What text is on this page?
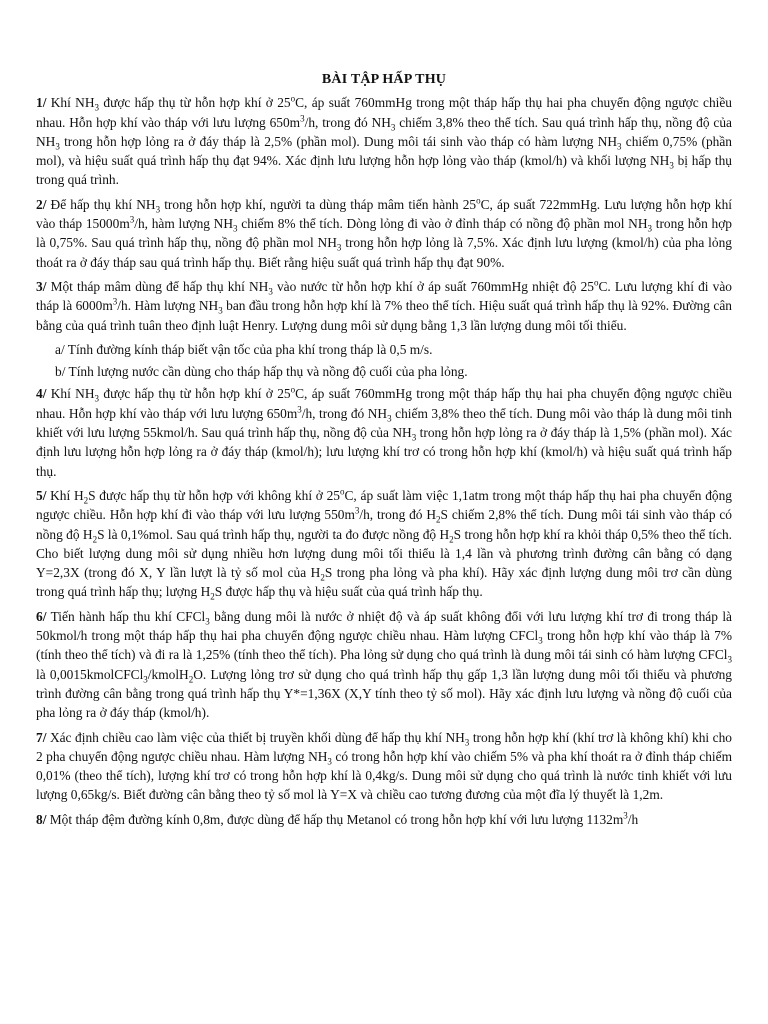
BÀI TẬP HẤP THỤ
1/ Khí $NH_3$ được hấp thụ từ hỗn hợp khí ở 25$^o$C, áp suất 760mmHg trong một tháp hấp thụ hai pha chuyển động ngược chiều nhau. Hỗn hợp khí vào tháp với lưu lượng $650m^3/h$, trong đó $NH_3$ chiếm 3,8% theo thể tích. Sau quá trình hấp thụ, nồng độ của $NH_3$ trong hỗn hợp lỏng ra ở đáy tháp là 2,5% (phần mol). Dung môi tái sinh vào tháp có hàm lượng $NH_3$ chiếm 0,75% (phần mol), và hiệu suất quá trình hấp thụ đạt 94%. Xác định lưu lượng hỗn hợp lỏng vào tháp (kmol/h) và khối lượng $NH_3$ bị hấp thụ trong quá trình.
2/ Để hấp thụ khí $NH_3$ trong hỗn hợp khí, người ta dùng tháp mâm tiến hành 25$^o$C, áp suất 722mmHg. Lưu lượng hỗn hợp khí vào tháp $15000m^3/h$, hàm lượng $NH_3$ chiếm 8% thể tích. Dòng lỏng đi vào ở đỉnh tháp có nồng độ phần mol $NH_3$ trong hỗn hợp là 0,75%. Sau quá trình hấp thụ, nồng độ phần mol $NH_3$ trong hỗn hợp lỏng là 7,5%. Xác định lưu lượng (kmol/h) của pha lỏng thoát ra ở đáy tháp sau quá trình hấp thụ. Biết rằng hiệu suất quá trình hấp thụ đạt 90%.
3/ Một tháp mâm dùng để hấp thụ khí $NH_3$ vào nước từ hỗn hợp khí ở áp suất 760mmHg nhiệt độ 25$^o$C. Lưu lượng khí đi vào tháp là $6000m^3/h$. Hàm lượng $NH_3$ ban đầu trong hỗn hợp khí là 7% theo thể tích. Hiệu suất quá trình hấp thụ là 92%. Đường cân bằng của quá trình tuân theo định luật Henry. Lượng dung môi sử dụng bằng 1,3 lần lượng dung môi tối thiểu.
a/ Tính đường kính tháp biết vận tốc của pha khí trong tháp là 0,5 m/s.
b/ Tính lượng nước cần dùng cho tháp hấp thụ và nồng độ cuối của pha lỏng.
4/ Khí $NH_3$ được hấp thụ từ hỗn hợp khí ở 25$^o$C, áp suất 760mmHg trong một tháp hấp thụ hai pha chuyển động ngược chiều nhau. Hỗn hợp khí vào tháp với lưu lượng $650m^3/h$, trong đó $NH_3$ chiếm 3,8% theo thể tích. Dung môi vào tháp là dung môi tinh khiết với lưu lượng 55kmol/h. Sau quá trình hấp thụ, nồng độ của $NH_3$ trong hỗn hợp lỏng ra ở đáy tháp là 1,5% (phần mol). Xác định lưu lượng hỗn hợp lỏng ra ở đáy tháp (kmol/h); lưu lượng khí trơ có trong hỗn hợp khí (kmol/h) và hiệu suất quá trình hấp thụ.
5/ Khí $H_2S$ được hấp thụ từ hỗn hợp với không khí ở 25$^o$C, áp suất làm việc 1,1atm trong một tháp hấp thụ hai pha chuyển động ngược chiều. Hỗn hợp khí đi vào tháp với lưu lượng $550m^3/h$, trong đó $H_2S$ chiếm 2,8% thể tích. Dung môi tái sinh vào tháp có nồng độ $H_2S$ là 0,1%mol. Sau quá trình hấp thụ, người ta đo được nồng độ $H_2S$ trong hỗn hợp khí ra khỏi tháp 0,5% theo thể tích. Cho biết lượng dung môi sử dụng nhiều hơn lượng dung môi tối thiểu là 1,4 lần và phương trình đường cân bằng có dạng Y=2,3X (trong đó X, Y lần lượt là tỷ số mol của $H_2S$ trong pha lỏng và pha khí). Hãy xác định lượng dung môi trơ cần dùng trong quá trình hấp thụ; lượng $H_2S$ được hấp thụ và hiệu suất của quá trình hấp thụ.
6/ Tiến hành hấp thu khí CFCl$_3$ bằng dung môi là nước ở nhiệt độ và áp suất không đổi với lưu lượng khí trơ đi trong tháp là 50kmol/h trong một tháp hấp thụ hai pha chuyển động ngược chiều nhau. Hàm lượng CFCl$_3$ trong hỗn hợp khí vào tháp là 7% (tính theo thể tích) và đi ra là 1,25% (tính theo thể tích). Pha lỏng sử dụng cho quá trình là dung môi tái sinh có hàm lượng CFCl$_3$ là 0,0015kmolCFCl$_3$/kmolH$_2$O. Lượng lỏng trơ sử dụng cho quá trình hấp thụ gấp 1,3 lần lượng dung môi tối thiểu và phương trình đường cân bằng trong quá trình hấp thụ Y*=1,36X (X,Y tính theo tỷ số mol). Hãy xác định lưu lượng và nồng độ cuối của pha lỏng ra ở đáy tháp (kmol/h).
7/ Xác định chiều cao làm việc của thiết bị truyền khối dùng để hấp thụ khí $NH_3$ trong hỗn hợp khí (khí trơ là không khí) khi cho 2 pha chuyển động ngược chiều nhau. Hàm lượng $NH_3$ có trong hỗn hợp khí vào chiếm 5% và pha khí thoát ra ở đỉnh tháp chiếm 0,01% (theo thể tích), lượng khí trơ có trong hỗn hợp khí là 0,4kg/s. Dung môi sử dụng cho quá trình là nước tinh khiết với lưu lượng 0,65kg/s. Biết đường cân bằng theo tỷ số mol là Y=X và chiều cao tương đương của một đĩa lý thuyết là 1,2m.
8/ Một tháp đệm đường kính 0,8m, được dùng để hấp thụ Metanol có trong hỗn hợp khí với lưu lượng $1132m^3/h$
